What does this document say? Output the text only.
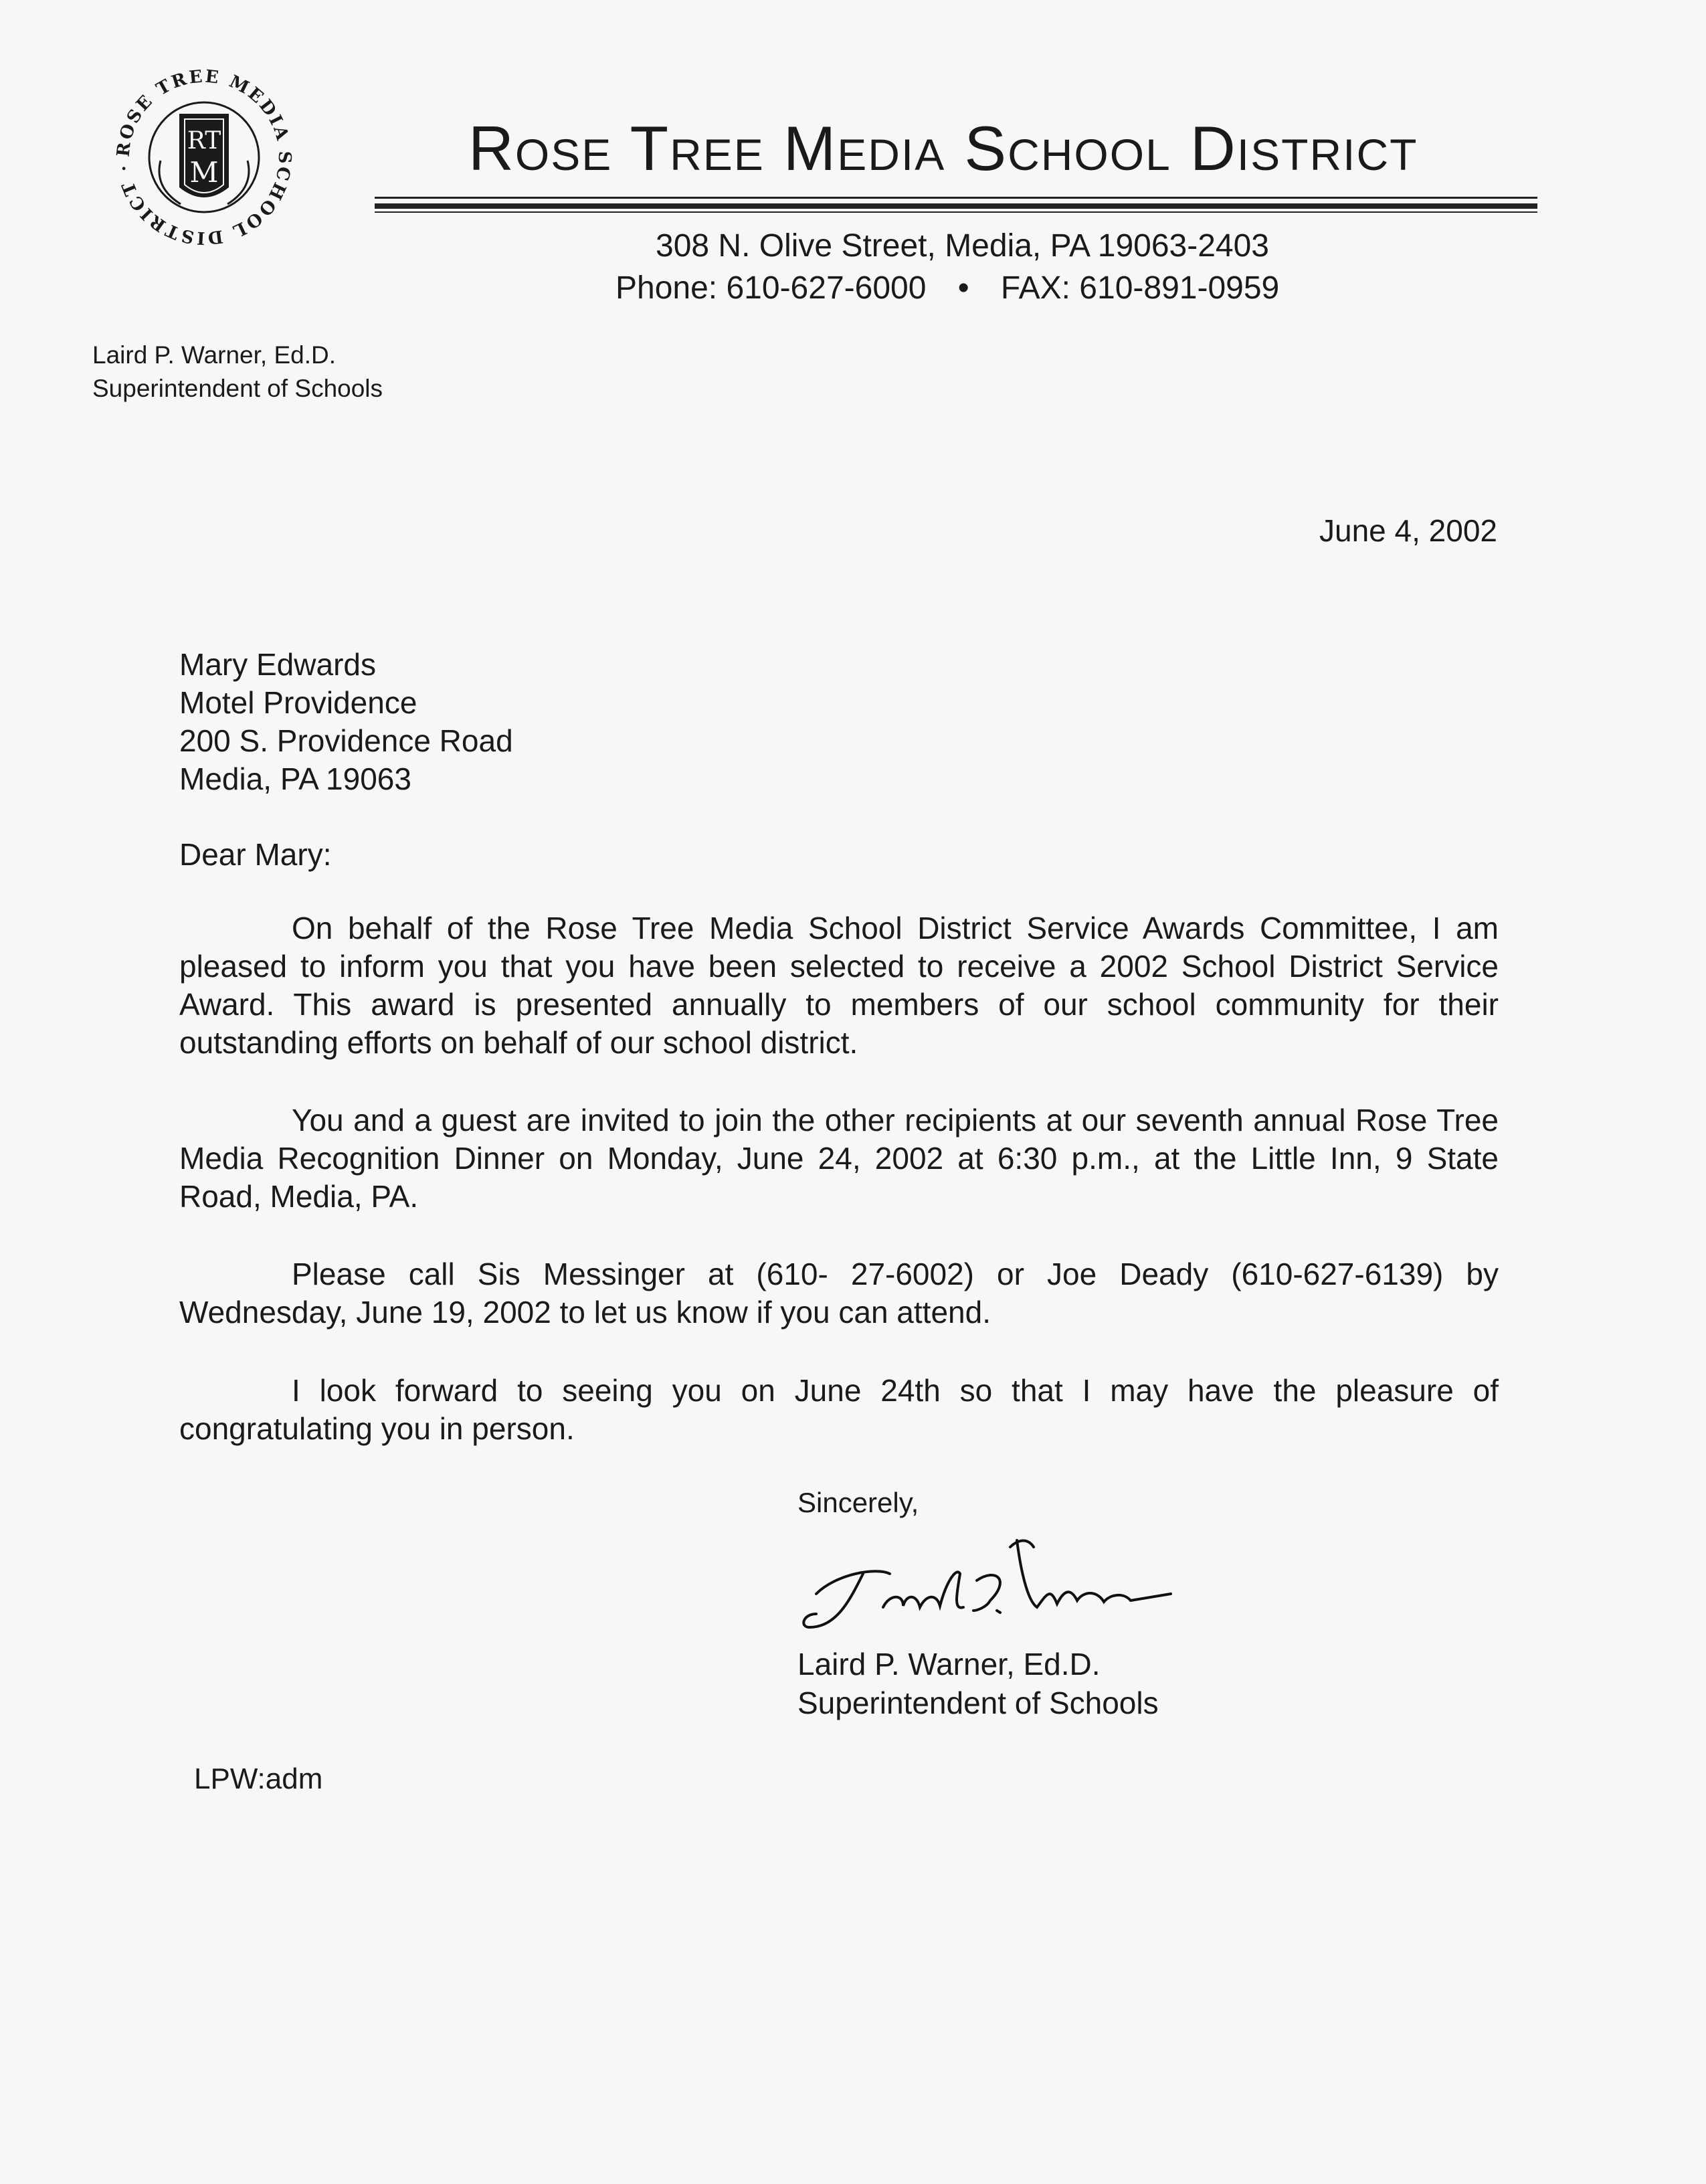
ROSE TREE MEDIA SCHOOL DISTRICT ·
RT
M	Rose Tree Media School District
308 N. Olive Street, Media, PA 19063-2403
Phone: 610-627-6000 • FAX: 610-891-0959
Laird P. Warner, Ed.D.
Superintendent of Schools
June 4, 2002
Mary Edwards
Motel Providence
200 S. Providence Road
Media, PA 19063
Dear Mary:
On behalf of the Rose Tree Media School District Service Awards Committee, I am pleased to inform you that you have been selected to receive a 2002 School District Service Award. This award is presented annually to members of our school community for their outstanding efforts on behalf of our school district.
You and a guest are invited to join the other recipients at our seventh annual Rose Tree Media Recognition Dinner on Monday, June 24, 2002 at 6:30 p.m., at the Little Inn, 9 State Road, Media, PA.
Please call Sis Messinger at (610- 27-6002) or Joe Deady (610-627-6139) by Wednesday, June 19, 2002 to let us know if you can attend.
I look forward to seeing you on June 24th so that I may have the pleasure of congratulating you in person.
Sincerely,
Laird P. Warner, Ed.D.
Superintendent of Schools
LPW:adm
